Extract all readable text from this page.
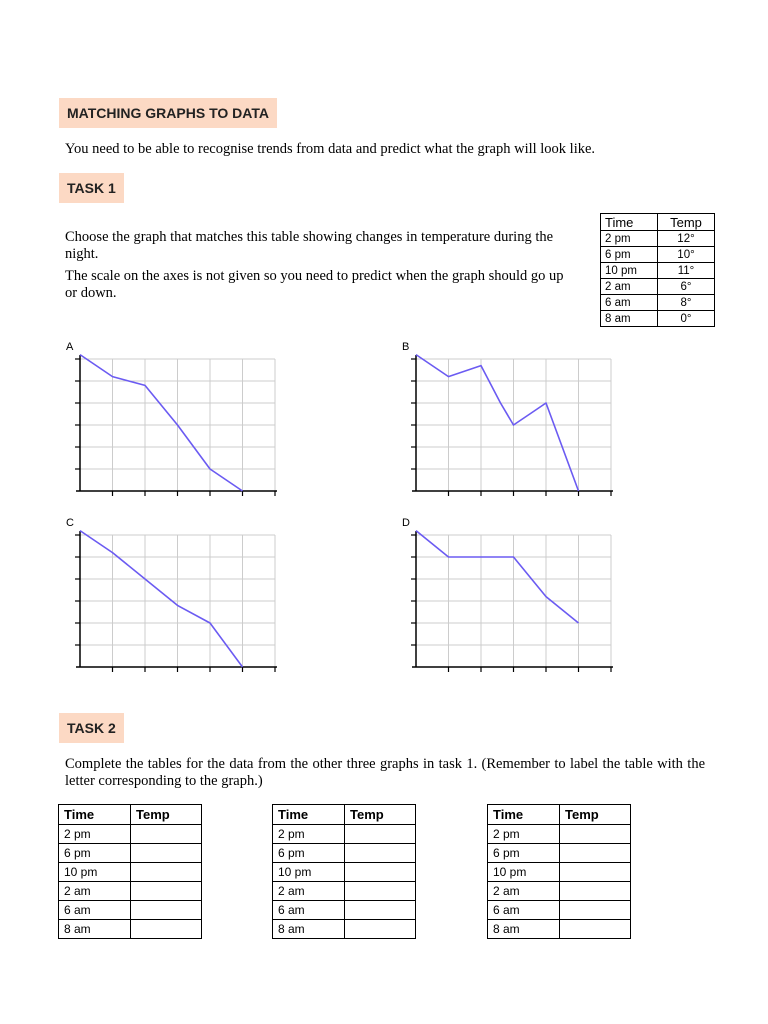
MATCHING GRAPHS TO DATA

You need to be able to recognise trends from data and predict what the graph will look like.

TASK 1

Choose the graph that matches this table showing changes in temperature during the night.

The scale on the axes is not given so you need to predict when the graph should go up or down.

Time	Temp
2 pm	12°
6 pm	10°
10 pm	11°
2 am	6°
6 am	8°
8 am	0°
A	B
C	D
TASK 2

Complete the tables for the data from the other three graphs in task 1. (Remember to label the table with the letter corresponding to the graph.)

Time	Temp
2 pm	
6 pm	
10 pm	
2 am	
6 am	
8 am	
Time	Temp
2 pm	
6 pm	
10 pm	
2 am	
6 am	
8 am	
Time	Temp
2 pm	
6 pm	
10 pm	
2 am	
6 am	
8 am	
